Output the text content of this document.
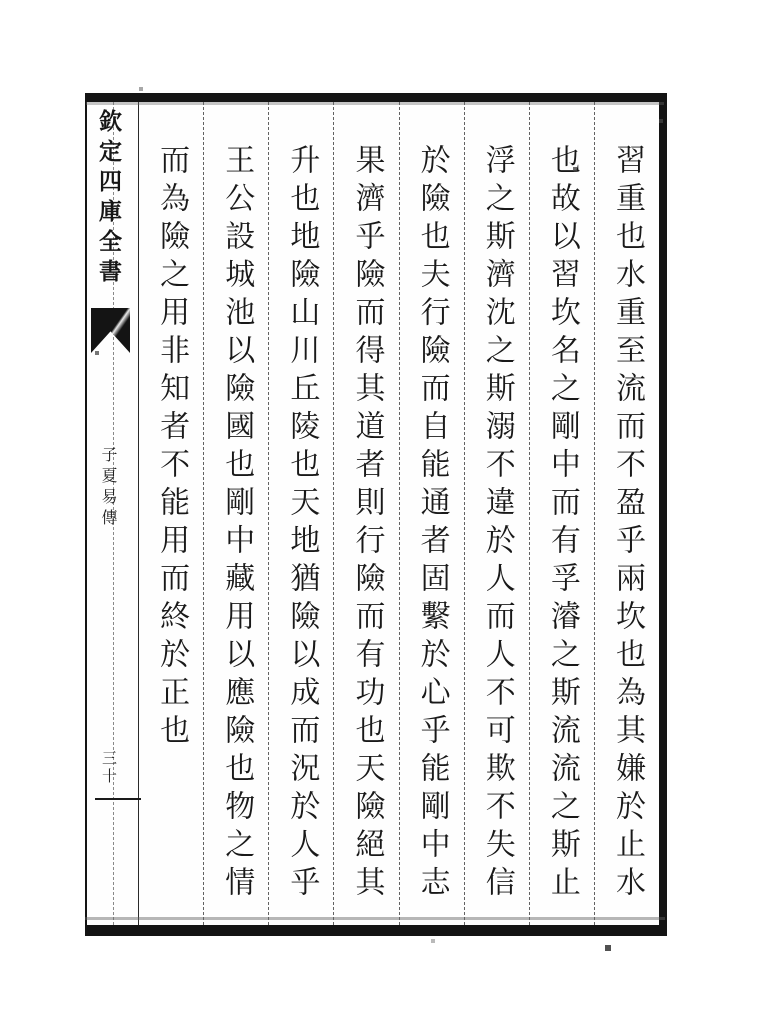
欽定四庫全書
子夏易傳
三十	習重也水重至流而不盈乎兩坎也為其嫌於止水
也故以習坎名之剛中而有孚濬之斯流流之斯止
浮之斯濟沈之斯溺不違於人而人不可欺不失信
於險也夫行險而自能通者固繫於心乎能剛中志
果濟乎險而得其道者則行險而有功也天險絕其
升也地險山川丘陵也天地猶險以成而況於人乎
王公設城池以險國也剛中藏用以應險也物之情
而為險之用非知者不能用而終於正也
